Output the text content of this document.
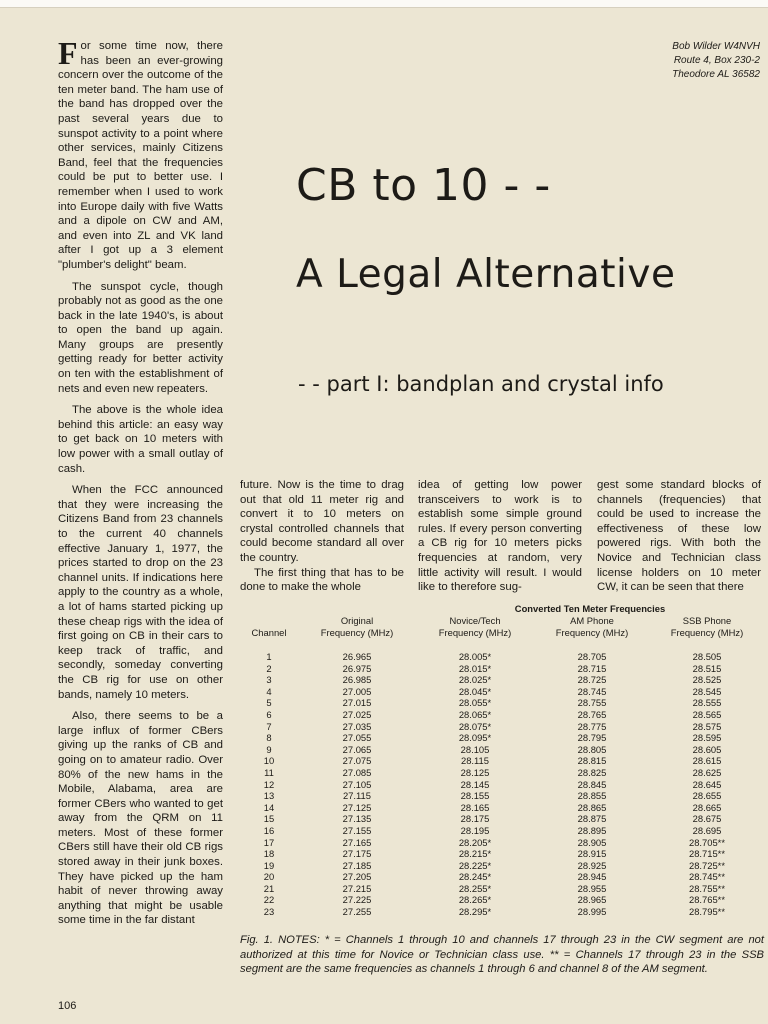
Bob Wilder W4NVH
Route 4, Box 230-2
Theodore AL 36582
CB to 10 - -
A Legal Alternative
- - part I: bandplan and crystal info

For some time now, there has been an ever-growing concern over the outcome of the ten meter band. The ham use of the band has dropped over the past several years due to sunspot activity to a point where other services, mainly Citizens Band, feel that the frequencies could be put to better use. I remember when I used to work into Europe daily with five Watts and a dipole on CW and AM, and even into ZL and VK land after I got up a 3 element "plumber's delight" beam.

The sunspot cycle, though probably not as good as the one back in the late 1940's, is about to open the band up again. Many groups are presently getting ready for better activity on ten with the establishment of nets and even new repeaters.

The above is the whole idea behind this article: an easy way to get back on 10 meters with low power with a small outlay of cash.

When the FCC announced that they were increasing the Citizens Band from 23 channels to the current 40 channels effective January 1, 1977, the prices started to drop on the 23 channel units. If indications here apply to the country as a whole, a lot of hams started picking up these cheap rigs with the idea of first going on CB in their cars to keep track of traffic, and secondly, someday converting the CB rig for use on other bands, namely 10 meters.

Also, there seems to be a large influx of former CBers giving up the ranks of CB and going on to amateur radio. Over 80% of the new hams in the Mobile, Alabama, area are former CBers who wanted to get away from the QRM on 11 meters. Most of these former CBers still have their old CB rigs stored away in their junk boxes. They have picked up the ham habit of never throwing away anything that might be usable some time in the far distant

future. Now is the time to drag out that old 11 meter rig and convert it to 10 meters on crystal controlled channels that could become standard all over the country.

The first thing that has to be done to make the whole

idea of getting low power transceivers to work is to establish some simple ground rules. If every person converting a CB rig for 10 meters picks frequencies at random, very little activity will result. I would like to therefore sug-

gest some standard blocks of channels (frequencies) that could be used to increase the effectiveness of these low powered rigs. With both the Novice and Technician class license holders on 10 meter CW, it can be seen that there

		Converted Ten Meter Frequencies		
	Original	Novice/Tech	AM Phone	SSB Phone
Channel	Frequency (MHz)	Frequency (MHz)	Frequency (MHz)	Frequency (MHz)

1	26.965	28.005*	28.705	28.505
2	26.975	28.015*	28.715	28.515
3	26.985	28.025*	28.725	28.525
4	27.005	28.045*	28.745	28.545
5	27.015	28.055*	28.755	28.555
6	27.025	28.065*	28.765	28.565
7	27.035	28.075*	28.775	28.575
8	27.055	28.095*	28.795	28.595
9	27.065	28.105	28.805	28.605
10	27.075	28.115	28.815	28.615
11	27.085	28.125	28.825	28.625
12	27.105	28.145	28.845	28.645
13	27.115	28.155	28.855	28.655
14	27.125	28.165	28.865	28.665
15	27.135	28.175	28.875	28.675
16	27.155	28.195	28.895	28.695
17	27.165	28.205*	28.905	28.705**
18	27.175	28.215*	28.915	28.715**
19	27.185	28.225*	28.925	28.725**
20	27.205	28.245*	28.945	28.745**
21	27.215	28.255*	28.955	28.755**
22	27.225	28.265*	28.965	28.765**
23	27.255	28.295*	28.995	28.795**
Fig. 1. NOTES: * = Channels 1 through 10 and channels 17 through 23 in the CW segment are not authorized at this time for Novice or Technician class use. ** = Channels 17 through 23 in the SSB segment are the same frequencies as channels 1 through 6 and channel 8 of the AM segment.
106
